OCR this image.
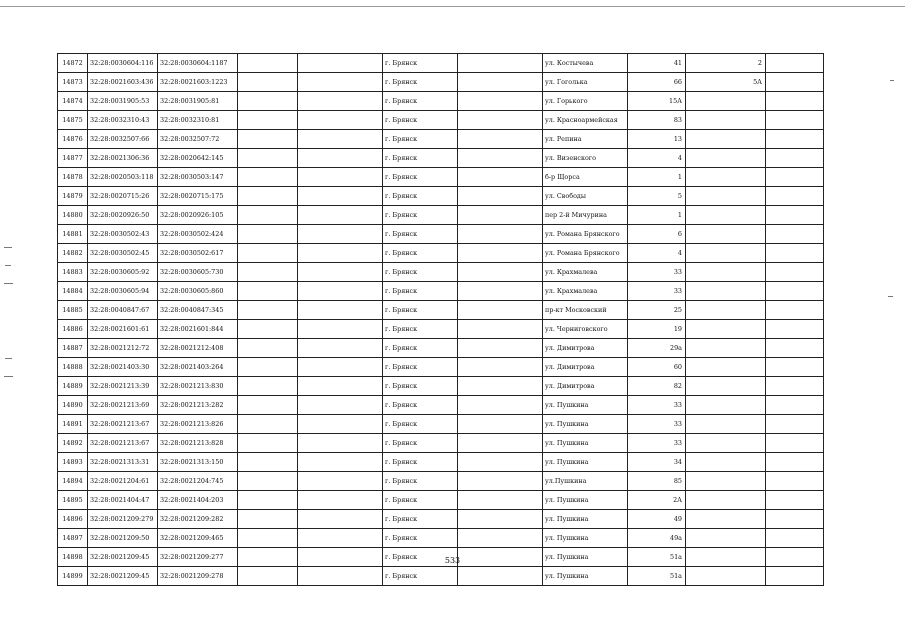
14872	32:28:0030604:116	32:28:0030604:1187			г. Брянск		ул. Костычева	41	2	
14873	32:28:0021603:436	32:28:0021603:1223			г. Брянск		ул. Гоголька	66	5А	
14874	32:28:0031905:53	32:28:0031905:81			г. Брянск		ул. Горького	15А		
14875	32:28:0032310:43	32:28:0032310:81			г. Брянск		ул. Красноармейская	83		
14876	32:28:0032507:66	32:28:0032507:72			г. Брянск		ул. Репина	13		
14877	32:28:0021306:36	32:28:0020642:145			г. Брянск		ул. Визенского	4		
14878	32:28:0020503:118	32:28:0030503:147			г. Брянск		б-р Щорса	1		
14879	32:28:0020715:26	32:28:0020715:175			г. Брянск		ул. Свободы	5		
14880	32:28:0020926:50	32:28:0020926:105			г. Брянск		пер 2-й Мичурина	1		
14881	32:28:0030502:43	32:28:0030502:424			г. Брянск		ул. Романа Брянского	6		
14882	32:28:0030502:45	32:28:0030502:617			г. Брянск		ул. Романа Брянского	4		
14883	32:28:0030605:92	32:28:0030605:730			г. Брянск		ул. Крахмалева	33		
14884	32:28:0030605:94	32:28:0030605:860			г. Брянск		ул. Крахмалева	33		
14885	32:28:0040847:67	32:28:0040847:345			г. Брянск		пр-кт Московский	25		
14886	32:28:0021601:61	32:28:0021601:844			г. Брянск		ул. Черниговского	19		
14887	32:28:0021212:72	32:28:0021212:408			г. Брянск		ул. Димитрова	29а		
14888	32:28:0021403:30	32:28:0021403:264			г. Брянск		ул. Димитрова	60		
14889	32:28:0021213:39	32:28:0021213:830			г. Брянск		ул. Димитрова	82		
14890	32:28:0021213:69	32:28:0021213:282			г. Брянск		ул. Пушкина	33		
14891	32:28:0021213:67	32:28:0021213:826			г. Брянск		ул. Пушкина	33		
14892	32:28:0021213:67	32:28:0021213:828			г. Брянск		ул. Пушкина	33		
14893	32:28:0021313:31	32:28:0021313:150			г. Брянск		ул. Пушкина	34		
14894	32:28:0021204:61	32:28:0021204:745			г. Брянск		ул.Пушкина	85		
14895	32:28:0021404:47	32:28:0021404:203			г. Брянск		ул. Пушкина	2А		
14896	32:28:0021209:279	32:28:0021209:282			г. Брянск		ул. Пушкина	49		
14897	32:28:0021209:50	32:28:0021209:465			г. Брянск		ул. Пушкина	49а		
14898	32:28:0021209:45	32:28:0021209:277			г. Брянск		ул. Пушкина	51а		
14899	32:28:0021209:45	32:28:0021209:278			г. Брянск		ул. Пушкина	51а		
533
